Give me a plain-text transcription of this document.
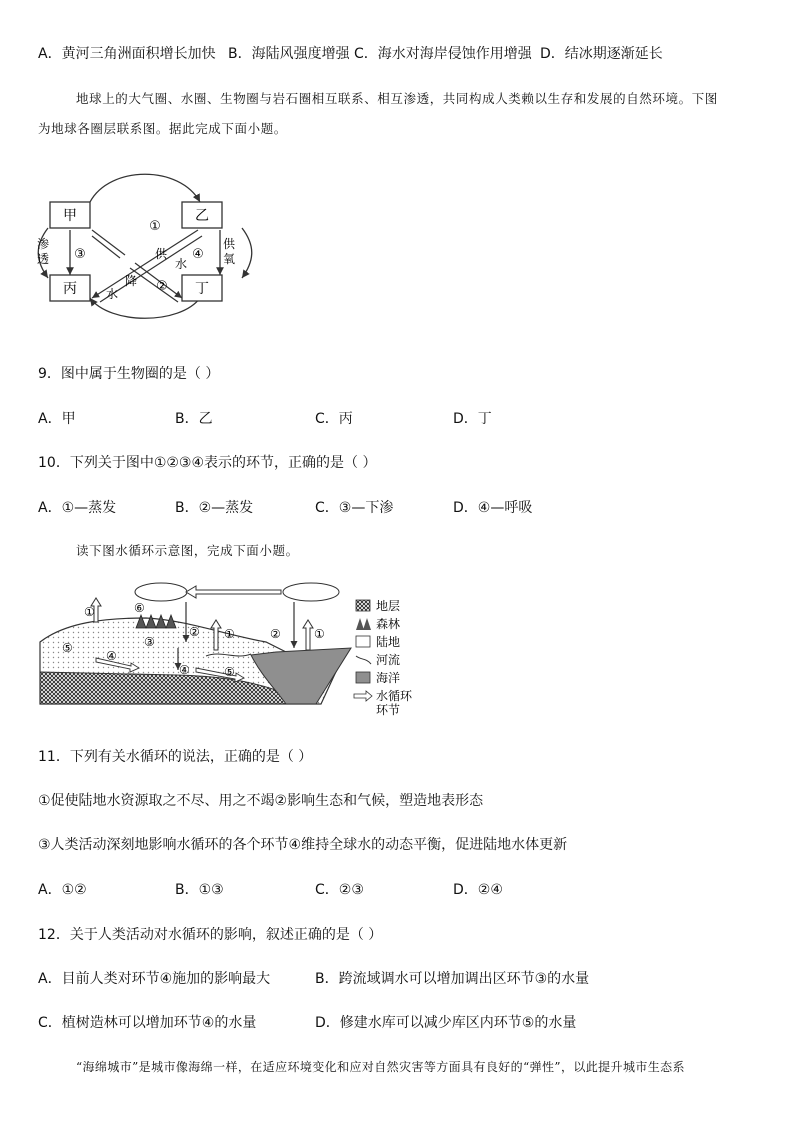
A．黄河三角洲面积增长加快 B．海陆风强度增强 C．海水对海岸侵蚀作用增强 D．结冰期逐渐延长
地球上的大气圈、水圈、生物圈与岩石圈相互联系、相互渗透，共同构成人类赖以生存和发展的自然环境。下图
为地球各圈层联系图。据此完成下面小题。
甲	乙
丙	丁
①
②
③	④
渗
透
供
氧
供
水
降
水
9．图中属于生物圈的是（ ）
A．甲	B．乙	C．丙	D．丁
10．下列关于图中①②③④表示的环节，正确的是（ ）
A．①—蒸发	B．②—蒸发	C．③—下渗	D．④—呼吸
读下图水循环示意图，完成下面小题。
①
①	①
②	②
③
④
④
⑤
⑤
⑥	地层
森林
陆地
河流
海洋
水循环
环节
11．下列有关水循环的说法，正确的是（ ）
①促使陆地水资源取之不尽、用之不竭②影响生态和气候，塑造地表形态
③人类活动深刻地影响水循环的各个环节④维持全球水的动态平衡，促进陆地水体更新
A．①②	B．①③	C．②③	D．②④
12．关于人类活动对水循环的影响，叙述正确的是（ ）
A．目前人类对环节④施加的影响最大	B．跨流域调水可以增加调出区环节③的水量
C．植树造林可以增加环节④的水量	D．修建水库可以减少库区内环节⑤的水量
“海绵城市”是城市像海绵一样，在适应环境变化和应对自然灾害等方面具有良好的“弹性”，以此提升城市生态系
